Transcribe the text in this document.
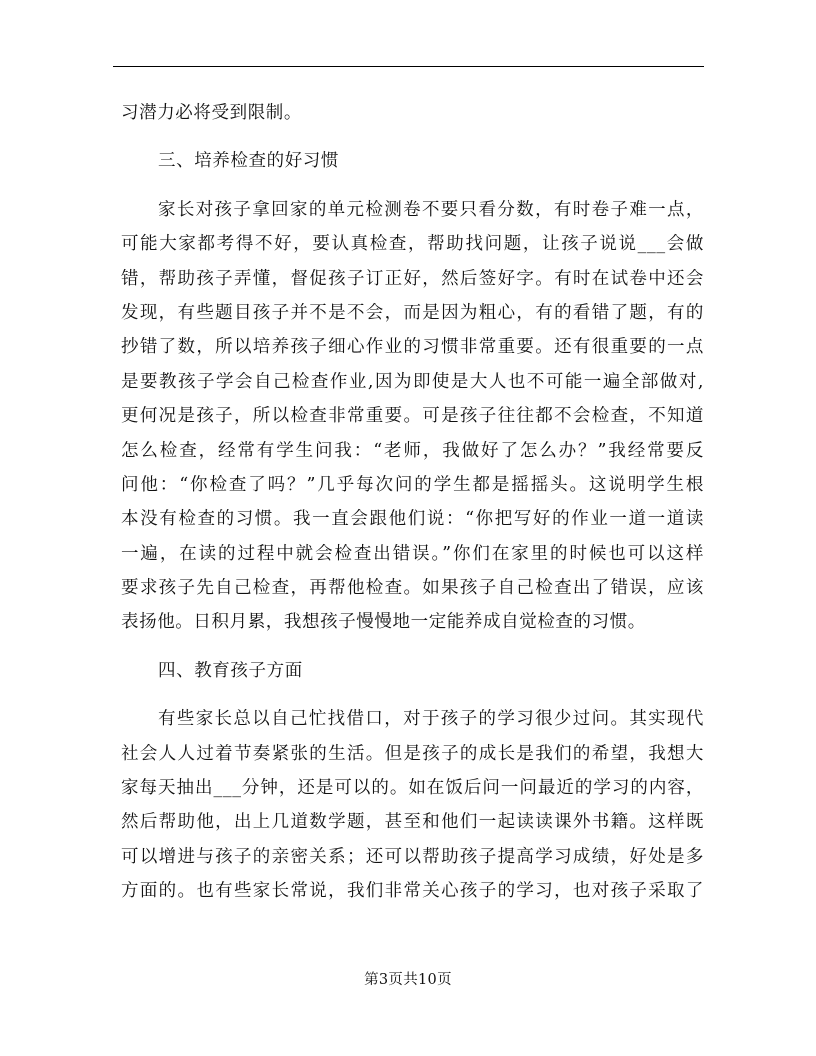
习潜力必将受到限制。
三、培养检查的好习惯
家长对孩子拿回家的单元检测卷不要只看分数，有时卷子难一点，
可能大家都考得不好，要认真检查，帮助找问题，让孩子说说___会做
错，帮助孩子弄懂，督促孩子订正好，然后签好字。有时在试卷中还会
发现，有些题目孩子并不是不会，而是因为粗心，有的看错了题，有的
抄错了数，所以培养孩子细心作业的习惯非常重要。还有很重要的一点
是要教孩子学会自己检查作业,因为即使是大人也不可能一遍全部做对,
更何况是孩子，所以检查非常重要。可是孩子往往都不会检查，不知道
怎么检查，经常有学生问我：“老师，我做好了怎么办？”我经常要反
问他：“你检查了吗？”几乎每次问的学生都是摇摇头。这说明学生根
本没有检查的习惯。我一直会跟他们说：“你把写好的作业一道一道读
一遍，在读的过程中就会检查出错误。”你们在家里的时候也可以这样
要求孩子先自己检查，再帮他检查。如果孩子自己检查出了错误，应该
表扬他。日积月累，我想孩子慢慢地一定能养成自觉检查的习惯。
四、教育孩子方面
有些家长总以自己忙找借口，对于孩子的学习很少过问。其实现代
社会人人过着节奏紧张的生活。但是孩子的成长是我们的希望，我想大
家每天抽出___分钟，还是可以的。如在饭后问一问最近的学习的内容，
然后帮助他，出上几道数学题，甚至和他们一起读读课外书籍。这样既
可以增进与孩子的亲密关系；还可以帮助孩子提高学习成绩，好处是多
方面的。也有些家长常说，我们非常关心孩子的学习，也对孩子采取了
第3页共10页
